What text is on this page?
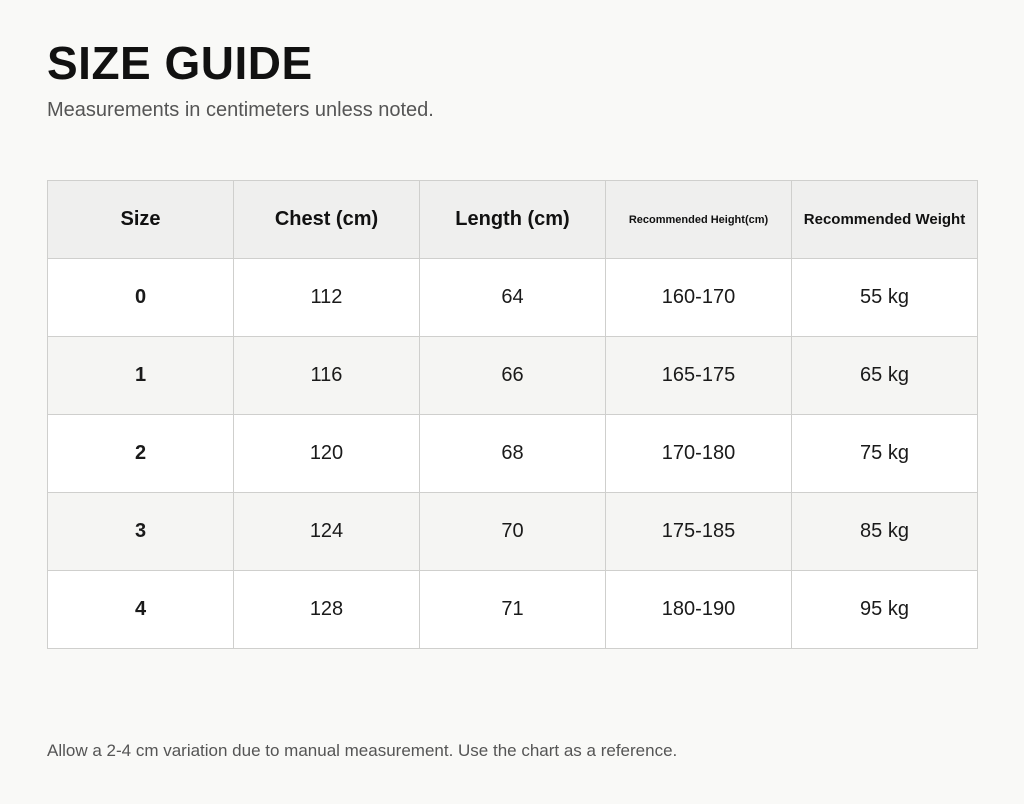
SIZE GUIDE

Measurements in centimeters unless noted.

Size	Chest (cm)	Length (cm)	Recommended Height(cm)	Recommended Weight
0	112	64	160-170	55 kg
1	116	66	165-175	65 kg
2	120	68	170-180	75 kg
3	124	70	175-185	85 kg
4	128	71	180-190	95 kg

Allow a 2-4 cm variation due to manual measurement. Use the chart as a reference.
